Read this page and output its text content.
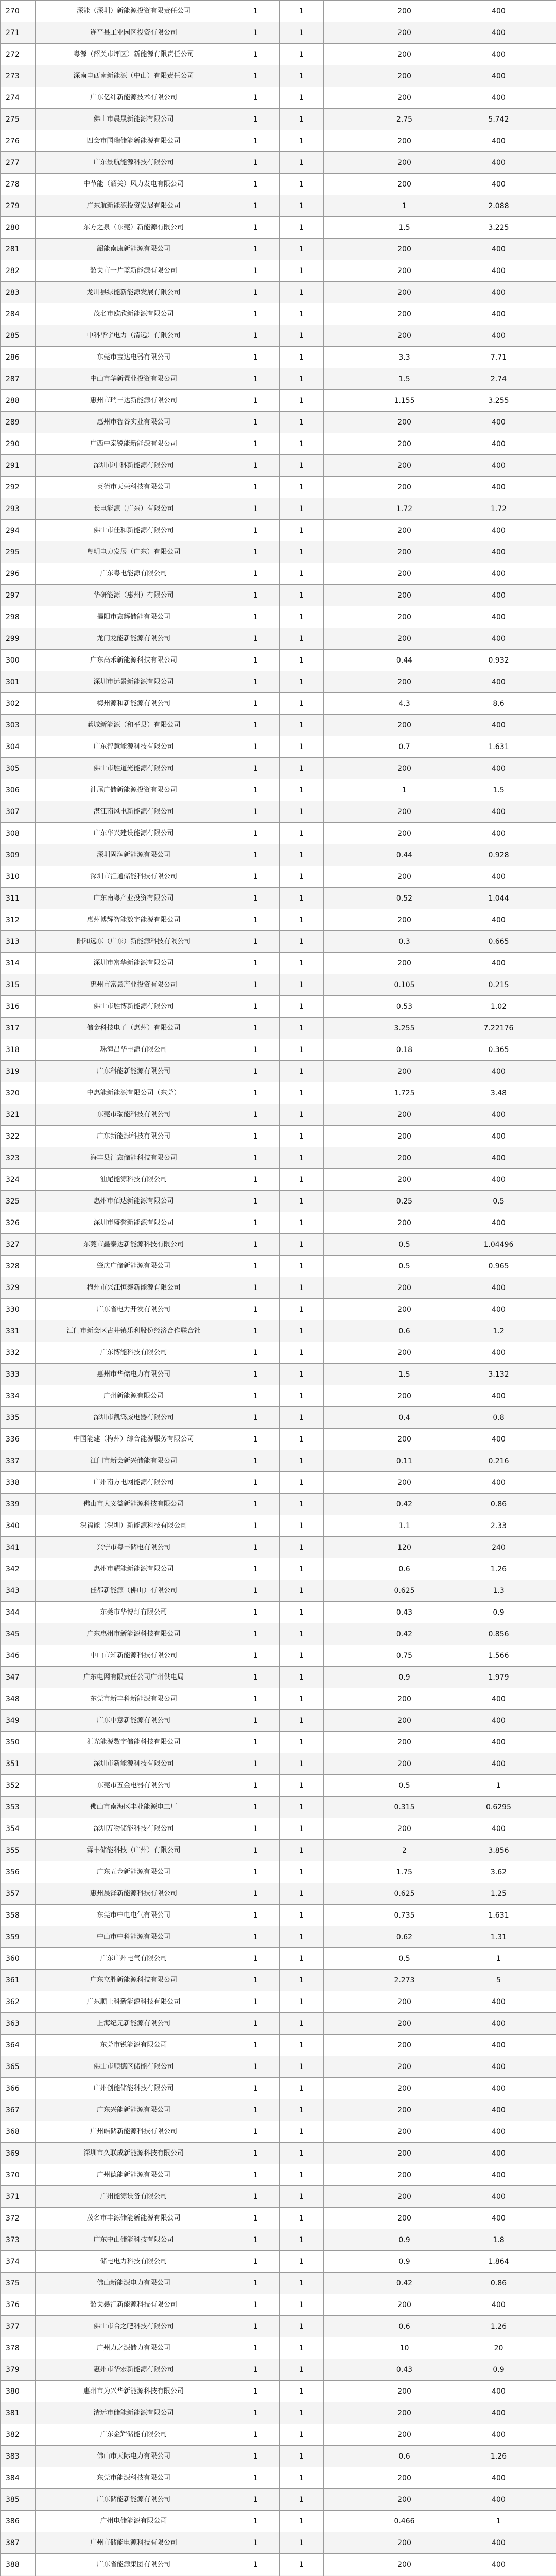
270	深能（深圳）新能源投资有限责任公司	1	1		200	400
271	连平县工业园区投资有限公司	1	1		200	400
272	粤源（韶关市坪区）新能源有限责任公司	1	1		200	400
273	深南电西南新能源（中山）有限责任公司	1	1		200	400
274	广东亿纬新能源技术有限公司	1	1		200	400
275	佛山市晨晟新能源有限公司	1	1		2.75	5.742
276	四会市国瑞储能新能源有限公司	1	1		200	400
277	广东景航能源科技有限公司	1	1		200	400
278	中节能（韶关）风力发电有限公司	1	1		200	400
279	广东航新能源投资发展有限公司	1	1		1	2.088
280	东方之泉（东莞）新能源有限公司	1	1		1.5	3.225
281	韶能南康新能源有限公司	1	1		200	400
282	韶关市一片蓝新能源有限公司	1	1		200	400
283	龙川县绿能新能源发展有限公司	1	1		200	400
284	茂名市欧欣新能源有限公司	1	1		200	400
285	中科华宇电力（清远）有限公司	1	1		200	400
286	东莞市宝达电器有限公司	1	1		3.3	7.71
287	中山市华新置业投资有限公司	1	1		1.5	2.74
288	惠州市瑞丰达新能源有限公司	1	1		1.155	3.255
289	惠州市智谷实业有限公司	1	1		200	400
290	广西中泰锐能新能源有限公司	1	1		200	400
291	深圳市中科新能源有限公司	1	1		200	400
292	英德市天荣科技有限公司	1	1		200	400
293	长电能源（广东）有限公司	1	1		1.72	1.72
294	佛山市佳和新能源有限公司	1	1		200	400
295	粤明电力发展（广东）有限公司	1	1		200	400
296	广东粤电能源有限公司	1	1		200	400
297	华研能源（惠州）有限公司	1	1		200	400
298	揭阳市鑫辉储能有限公司	1	1		200	400
299	龙门龙能新能源有限公司	1	1		200	400
300	广东高禾新能源科技有限公司	1	1		0.44	0.932
301	深圳市远景新能源有限公司	1	1		200	400
302	梅州源和新能源有限公司	1	1		4.3	8.6
303	蓝城新能源（和平县）有限公司	1	1		200	400
304	广东智慧能源科技有限公司	1	1		0.7	1.631
305	佛山市胜道光能源有限公司	1	1		200	400
306	汕尾广储新能源投资有限公司	1	1		1	1.5
307	湛江南风电新能源有限公司	1	1		200	400
308	广东华兴建设能源有限公司	1	1		200	400
309	深圳固润新能源有限公司	1	1		0.44	0.928
310	深圳市汇通储能科技有限公司	1	1		200	400
311	广东南粤产业投资有限公司	1	1		0.52	1.044
312	惠州博辉智能数字能源有限公司	1	1		200	400
313	阳和远东（广东）新能源科技有限公司	1	1		0.3	0.665
314	深圳市富华新能源有限公司	1	1		200	400
315	惠州市富鑫产业投资有限公司	1	1		0.105	0.215
316	佛山市胜博新能源有限公司	1	1		0.53	1.02
317	储金科技电子（惠州）有限公司	1	1		3.255	7.22176
318	珠海昌华电源有限公司	1	1		0.18	0.365
319	广东科能新能源有限公司	1	1		200	400
320	中惠能新能源有限公司（东莞）	1	1		1.725	3.48
321	东莞市瑞能科技有限公司	1	1		200	400
322	广东新能源科技有限公司	1	1		200	400
323	海丰县汇鑫储能科技有限公司	1	1		200	400
324	汕尾能源科技有限公司	1	1		200	400
325	惠州市佰达新能源有限公司	1	1		0.25	0.5
326	深圳市盛誉新能源有限公司	1	1		200	400
327	东莞市鑫泰达新能源科技有限公司	1	1		0.5	1.04496
328	肇庆广储新能源有限公司	1	1		0.5	0.965
329	梅州市兴江恒泰新能源有限公司	1	1		200	400
330	广东省电力开发有限公司	1	1		200	400
331	江门市新会区古井镇乐利股份经济合作联合社	1	1		0.6	1.2
332	广东博能科技有限公司	1	1		200	400
333	惠州市华储电力有限公司	1	1		1.5	3.132
334	广州新能源有限公司	1	1		200	400
335	深圳市凯鸿威电器有限公司	1	1		0.4	0.8
336	中国能建（梅州）综合能源服务有限公司	1	1		200	400
337	江门市新会新兴储能有限公司	1	1		0.11	0.216
338	广州南方电网能源有限公司	1	1		200	400
339	佛山市大义益新能源科技有限公司	1	1		0.42	0.86
340	深福能（深圳）新能源科技有限公司	1	1		1.1	2.33
341	兴宁市粤丰储电有限公司	1	1		120	240
342	惠州市耀能新能源有限公司	1	1		0.6	1.26
343	佳都新能源（佛山）有限公司	1	1		0.625	1.3
344	东莞市华博灯有限公司	1	1		0.43	0.9
345	广东惠州市新能源科技有限公司	1	1		0.42	0.856
346	中山市知新能源科技有限公司	1	1		0.75	1.566
347	广东电网有限责任公司广州供电局	1	1		0.9	1.979
348	东莞市新丰科新能源有限公司	1	1		200	400
349	广东中意新能源有限公司	1	1		200	400
350	汇光能源数字储能科技有限公司	1	1		200	400
351	深圳市新能源科技有限公司	1	1		200	400
352	东莞市五金电器有限公司	1	1		0.5	1
353	佛山市南海区丰业能源电工厂	1	1		0.315	0.6295
354	深圳万物储能科技有限公司	1	1		200	400
355	霖丰储能科技（广州）有限公司	1	1		2	3.856
356	广东五金新能源有限公司	1	1		1.75	3.62
357	惠州晨泽新能源科技有限公司	1	1		0.625	1.25
358	东莞市中电电气有限公司	1	1		0.735	1.631
359	中山市中科能源有限公司	1	1		0.62	1.31
360	广东广州电气有限公司	1	1		0.5	1
361	广东立胜新能源科技有限公司	1	1		2.273	5
362	广东顺上科新能源科技有限公司	1	1		200	400
363	上海纪元新能源有限公司	1	1		200	400
364	东莞市锐能源有限公司	1	1		200	400
365	佛山市顺德区储能有限公司	1	1		200	400
366	广州创能储能科技有限公司	1	1		200	400
367	广东兴能新能源有限公司	1	1		200	400
368	广州皓储新能源科技有限公司	1	1		200	400
369	深圳市久联成新能源科技有限公司	1	1		200	400
370	广州德能新能源有限公司	1	1		200	400
371	广州能源设备有限公司	1	1		200	400
372	茂名市丰源储能新能源有限公司	1	1		200	400
373	广东中山储能科技有限公司	1	1		0.9	1.8
374	储电电力科技有限公司	1	1		0.9	1.864
375	佛山新能源电力有限公司	1	1		0.42	0.86
376	韶关鑫汇新能源科技有限公司	1	1		200	400
377	佛山市合之吧科技有限公司	1	1		0.6	1.26
378	广州力之源储力有限公司	1	1		10	20
379	惠州市华宏新能源有限公司	1	1		0.43	0.9
380	惠州市为兴华新能源科技有限公司	1	1		200	400
381	清远市储能新能源有限公司	1	1		200	400
382	广东金辉储能有限公司	1	1		200	400
383	佛山市天际电力有限公司	1	1		0.6	1.26
384	东莞市能源科技有限公司	1	1		200	400
385	广东储能新能源有限公司	1	1		200	400
386	广州电储能源有限公司	1	1		0.466	1
387	广州市储能电源科技有限公司	1	1		200	400
388	广东省能源集团有限公司	1	1		200	400
